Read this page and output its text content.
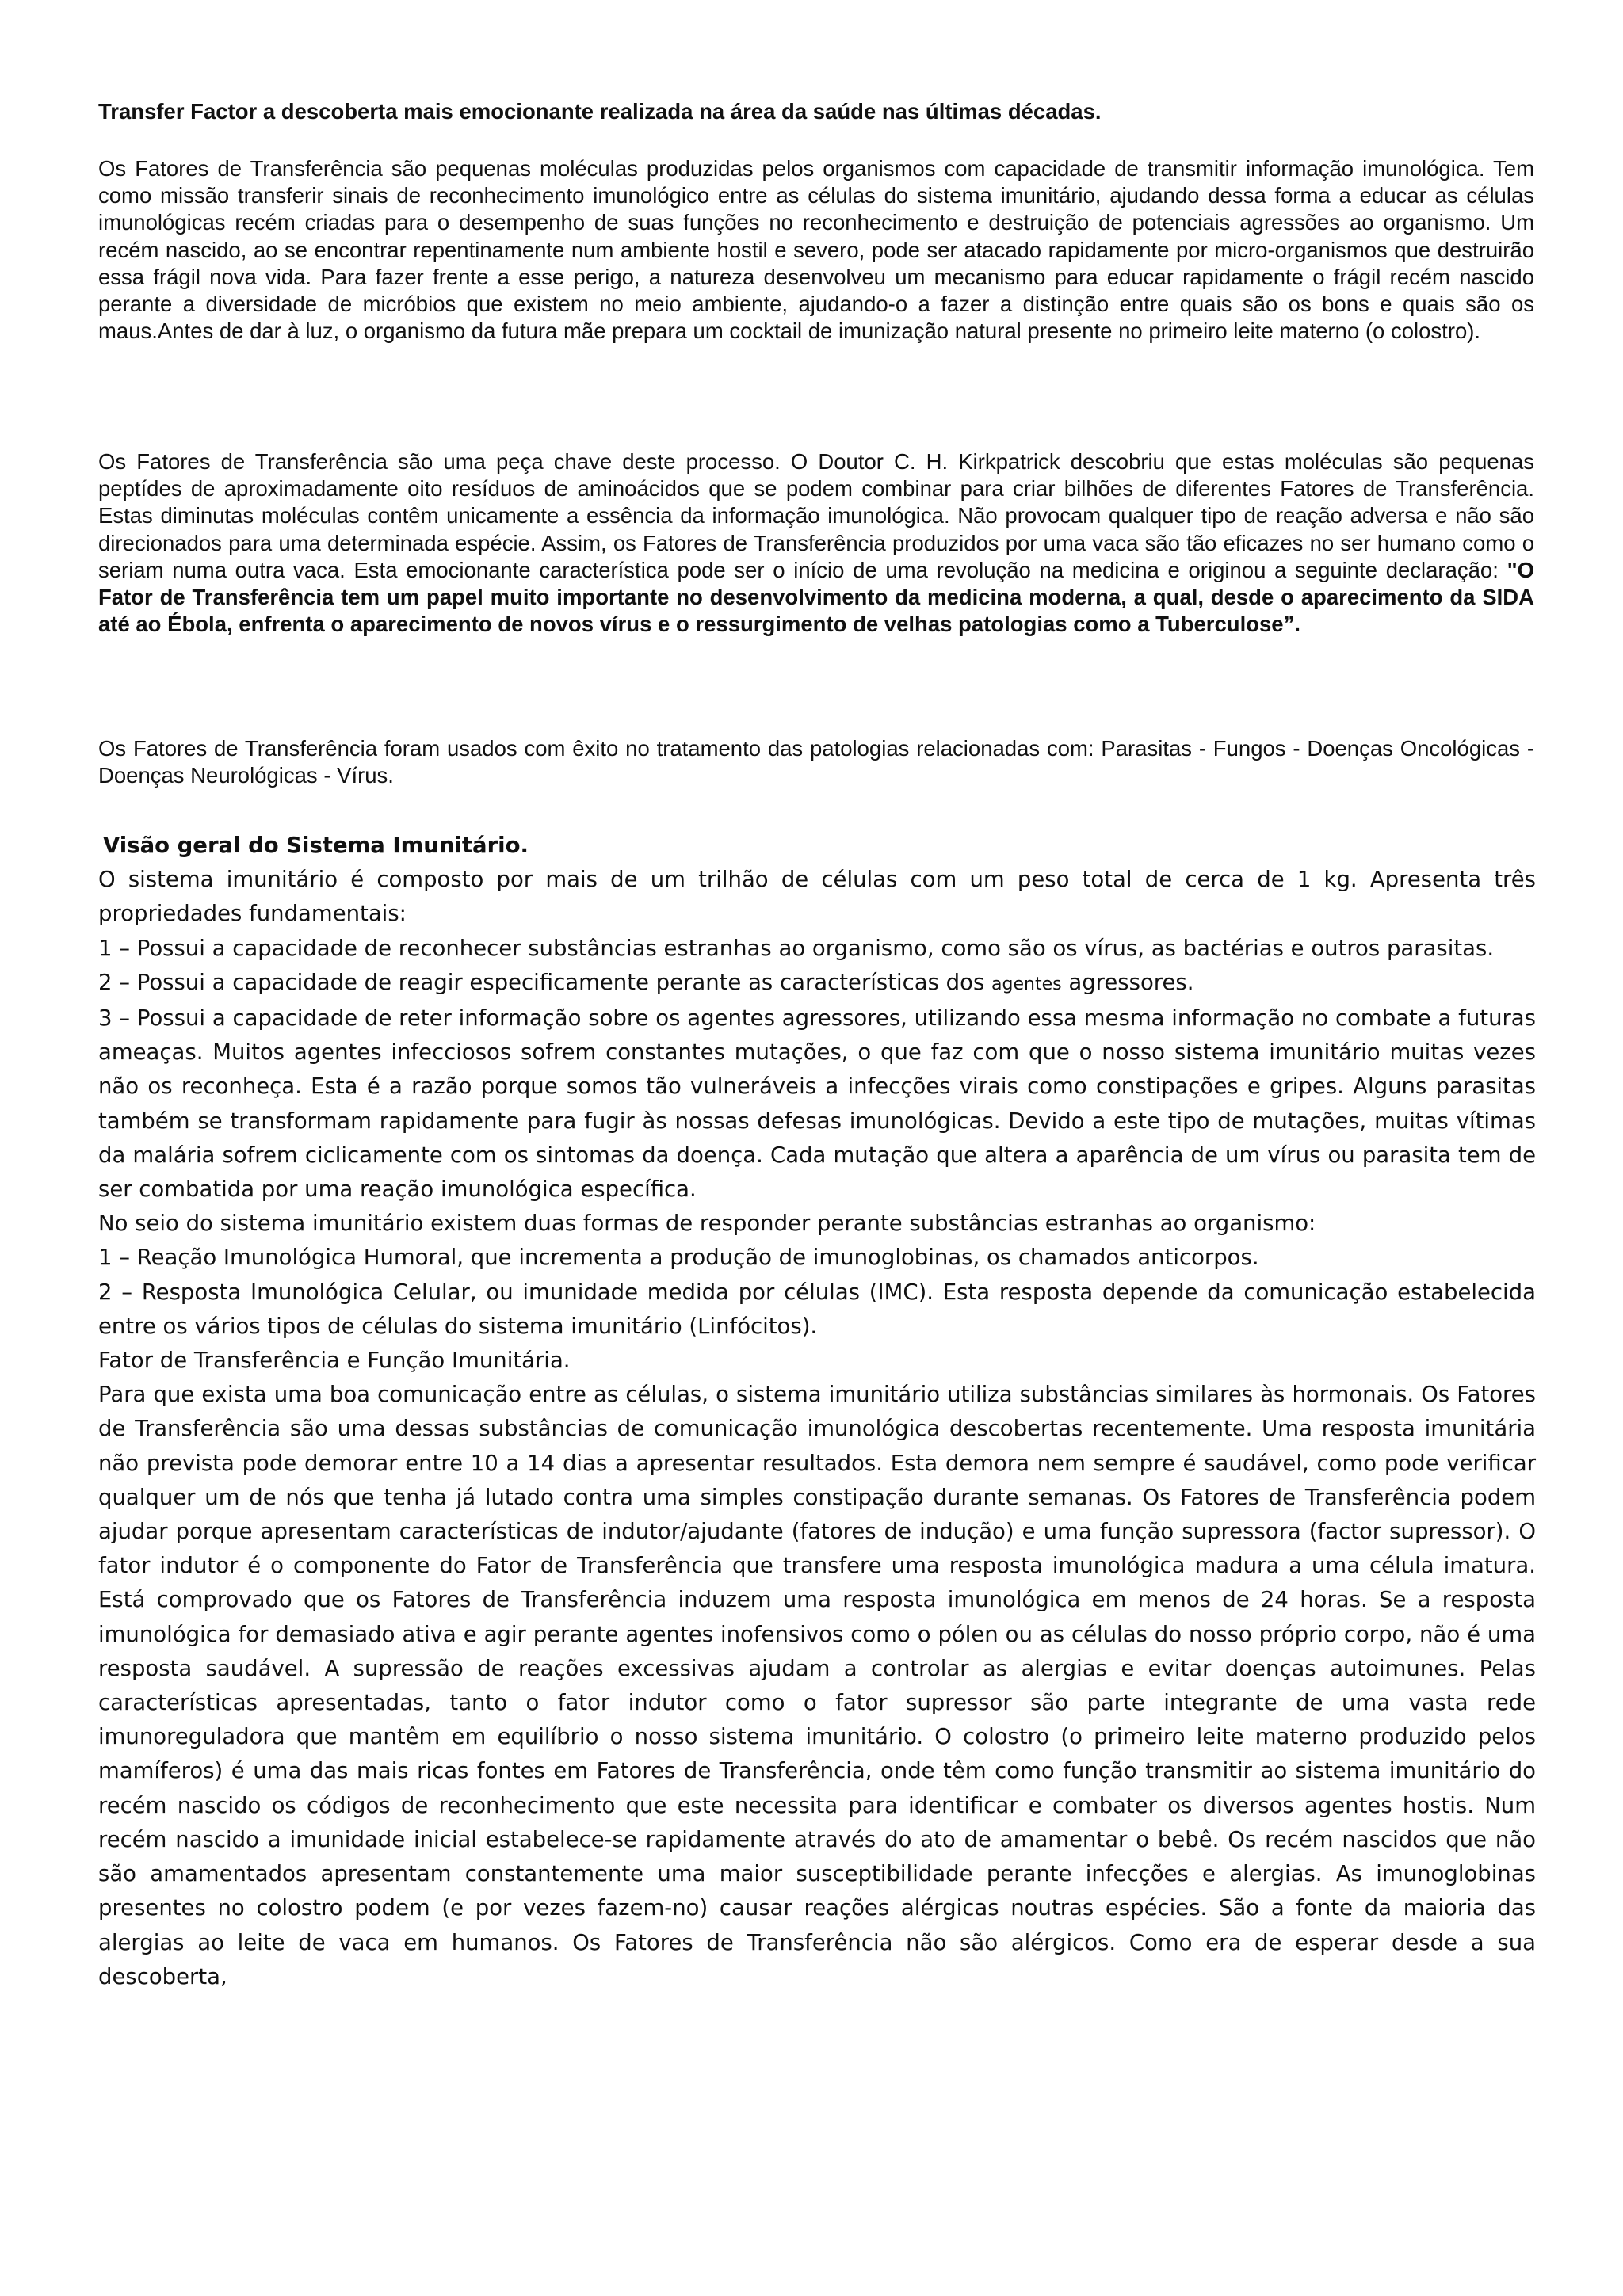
Transfer Factor a descoberta mais emocionante realizada na área da saúde nas últimas décadas.

Os Fatores de Transferência são pequenas moléculas produzidas pelos organismos com capacidade de transmitir informação imunológica. Tem como missão transferir sinais de reconhecimento imunológico entre as células do sistema imunitário, ajudando dessa forma a educar as células imunológicas recém criadas para o desempenho de suas funções no reconhecimento e destruição de potenciais agressões ao organismo. Um recém nascido, ao se encontrar repentinamente num ambiente hostil e severo, pode ser atacado rapidamente por micro-organismos que destruirão essa frágil nova vida. Para fazer frente a esse perigo, a natureza desenvolveu um mecanismo para educar rapidamente o frágil recém nascido perante a diversidade de micróbios que existem no meio ambiente, ajudando-o a fazer a distinção entre quais são os bons e quais são os maus.Antes de dar à luz, o organismo da futura mãe prepara um cocktail de imunização natural presente no primeiro leite materno (o colostro).

Os Fatores de Transferência são uma peça chave deste processo. O Doutor C. H. Kirkpatrick descobriu que estas moléculas são pequenas peptídes de aproximadamente oito resíduos de aminoácidos que se podem combinar para criar bilhões de diferentes Fatores de Transferência. Estas diminutas moléculas contêm unicamente a essência da informação imunológica. Não provocam qualquer tipo de reação adversa e não são direcionados para uma determinada espécie. Assim, os Fatores de Transferência produzidos por uma vaca são tão eficazes no ser humano como o seriam numa outra vaca. Esta emocionante característica pode ser o início de uma revolução na medicina e originou a seguinte declaração: "O Fator de Transferência tem um papel muito importante no desenvolvimento da medicina moderna, a qual, desde o aparecimento da SIDA até ao Ébola, enfrenta o aparecimento de novos vírus e o ressurgimento de velhas patologias como a Tuberculose”.

Os Fatores de Transferência foram usados com êxito no tratamento das patologias relacionadas com: Parasitas - Fungos - Doenças Oncológicas - Doenças Neurológicas - Vírus.

Visão geral do Sistema Imunitário.
O sistema imunitário é composto por mais de um trilhão de células com um peso total de cerca de 1 kg. Apresenta três propriedades fundamentais:
1 – Possui a capacidade de reconhecer substâncias estranhas ao organismo, como são os vírus, as bactérias e outros parasitas.
2 – Possui a capacidade de reagir especificamente perante as características dos agentes agressores.
3 – Possui a capacidade de reter informação sobre os agentes agressores, utilizando essa mesma informação no combate a futuras ameaças. Muitos agentes infecciosos sofrem constantes mutações, o que faz com que o nosso sistema imunitário muitas vezes não os reconheça. Esta é a razão porque somos tão vulneráveis a infecções virais como constipações e gripes. Alguns parasitas também se transformam rapidamente para fugir às nossas defesas imunológicas. Devido a este tipo de mutações, muitas vítimas da malária sofrem ciclicamente com os sintomas da doença. Cada mutação que altera a aparência de um vírus ou parasita tem de ser combatida por uma reação imunológica específica.
No seio do sistema imunitário existem duas formas de responder perante substâncias estranhas ao organismo:
1 – Reação Imunológica Humoral, que incrementa a produção de imunoglobinas, os chamados anticorpos.
2 – Resposta Imunológica Celular, ou imunidade medida por células (IMC). Esta resposta depende da comunicação estabelecida entre os vários tipos de células do sistema imunitário (Linfócitos).
Fator de Transferência e Função Imunitária.
Para que exista uma boa comunicação entre as células, o sistema imunitário utiliza substâncias similares às hormonais. Os Fatores de Transferência são uma dessas substâncias de comunicação imunológica descobertas recentemente. Uma resposta imunitária não prevista pode demorar entre 10 a 14 dias a apresentar resultados. Esta demora nem sempre é saudável, como pode verificar qualquer um de nós que tenha já lutado contra uma simples constipação durante semanas. Os Fatores de Transferência podem ajudar porque apresentam características de indutor/ajudante (fatores de indução) e uma função supressora (factor supressor). O fator indutor é o componente do Fator de Transferência que transfere uma resposta imunológica madura a uma célula imatura. Está comprovado que os Fatores de Transferência induzem uma resposta imunológica em menos de 24 horas. Se a resposta imunológica for demasiado ativa e agir perante agentes inofensivos como o pólen ou as células do nosso próprio corpo, não é uma resposta saudável. A supressão de reações excessivas ajudam a controlar as alergias e evitar doenças autoimunes. Pelas características apresentadas, tanto o fator indutor como o fator supressor são parte integrante de uma vasta rede imunoreguladora que mantêm em equilíbrio o nosso sistema imunitário. O colostro (o primeiro leite materno produzido pelos mamíferos) é uma das mais ricas fontes em Fatores de Transferência, onde têm como função transmitir ao sistema imunitário do recém nascido os códigos de reconhecimento que este necessita para identificar e combater os diversos agentes hostis. Num recém nascido a imunidade inicial estabelece-se rapidamente através do ato de amamentar o bebê. Os recém nascidos que não são amamentados apresentam constantemente uma maior susceptibilidade perante infecções e alergias. As imunoglobinas presentes no colostro podem (e por vezes fazem-no) causar reações alérgicas noutras espécies. São a fonte da maioria das alergias ao leite de vaca em humanos. Os Fatores de Transferência não são alérgicos. Como era de esperar desde a sua descoberta,
